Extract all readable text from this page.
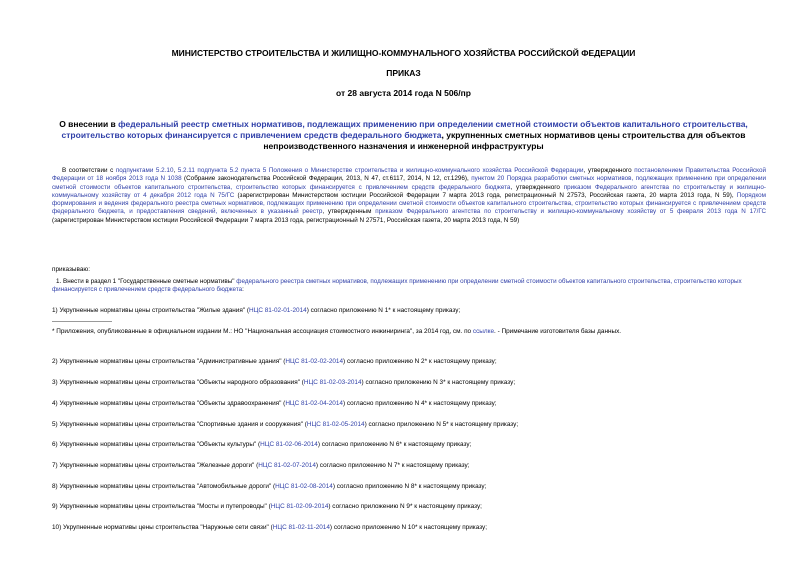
МИНИСТЕРСТВО СТРОИТЕЛЬСТВА И ЖИЛИЩНО-КОММУНАЛЬНОГО ХОЗЯЙСТВА РОССИЙСКОЙ ФЕДЕРАЦИИ
ПРИКАЗ
от 28 августа 2014 года N 506/пр
О внесении в федеральный реестр сметных нормативов, подлежащих применению при определении сметной стоимости объектов капитального строительства, строительство которых финансируется с привлечением средств федерального бюджета, укрупненных сметных нормативов цены строительства для объектов непроизводственного назначения и инженерной инфраструктуры
В соответствии с подпунктами 5.2.10, 5.2.11 подпункта 5.2 пункта 5 Положения о Министерстве строительства и жилищно-коммунального хозяйства Российской Федерации, утвержденного постановлением Правительства Российской Федерации от 18 ноября 2013 года N 1038 (Собрание законодательства Российской Федерации, 2013, N 47, ст.6117, 2014, N 12, ст.1296), пунктом 20 Порядка разработки сметных нормативов, подлежащих применению при определении сметной стоимости объектов капитального строительства, строительство которых финансируется с привлечением средств федерального бюджета, утвержденного приказом Федерального агентства по строительству и жилищно-коммунальному хозяйству от 4 декабря 2012 года N 75/ГС (зарегистрирован Министерством юстиции Российской Федерации 7 марта 2013 года, регистрационный N 27573, Российская газета, 20 марта 2013 года, N 59), Порядком формирования и ведения федерального реестра сметных нормативов, подлежащих применению при определении сметной стоимости объектов капитального строительства, строительство которых финансируется с привлечением средств федерального бюджета, и предоставления сведений, включенных в указанный реестр, утвержденным приказом Федерального агентства по строительству и жилищно-коммунальному хозяйству от 5 февраля 2013 года N 17/ГС (зарегистрирован Министерством юстиции Российской Федерации 7 марта 2013 года, регистрационный N 27571, Российская газета, 20 марта 2013 года, N 59)
приказываю:
1. Внести в раздел 1 "Государственные сметные нормативы" федерального реестра сметных нормативов, подлежащих применению при определении сметной стоимости объектов капитального строительства, строительство которых финансируется с привлечением средств федерального бюджета:
1) Укрупненные нормативы цены строительства "Жилые здания" (НЦС 81-02-01-2014) согласно приложению N 1* к настоящему приказу;
* Приложения, опубликованные в официальном издании М.: НО "Национальная ассоциация стоимостного инжиниринга", за 2014 год, см. по ссылке. - Примечание изготовителя базы данных.
2) Укрупненные нормативы цены строительства "Административные здания" (НЦС 81-02-02-2014) согласно приложению N 2* к настоящему приказу;
3) Укрупненные нормативы цены строительства "Объекты народного образования" (НЦС 81-02-03-2014) согласно приложению N 3* к настоящему приказу;
4) Укрупненные нормативы цены строительства "Объекты здравоохранения" (НЦС 81-02-04-2014) согласно приложению N 4* к настоящему приказу;
5) Укрупненные нормативы цены строительства "Спортивные здания и сооружения" (НЦС 81-02-05-2014) согласно приложению N 5* к настоящему приказу;
6) Укрупненные нормативы цены строительства "Объекты культуры" (НЦС 81-02-06-2014) согласно приложению N 6* к настоящему приказу;
7) Укрупненные нормативы цены строительства "Железные дороги" (НЦС 81-02-07-2014) согласно приложению N 7* к настоящему приказу;
8) Укрупненные нормативы цены строительства "Автомобильные дороги" (НЦС 81-02-08-2014) согласно приложению N 8* к настоящему приказу;
9) Укрупненные нормативы цены строительства "Мосты и путепроводы" (НЦС 81-02-09-2014) согласно приложению N 9* к настоящему приказу;
10) Укрупненные нормативы цены строительства "Наружные сети связи" (НЦС 81-02-11-2014) согласно приложению N 10* к настоящему приказу;
